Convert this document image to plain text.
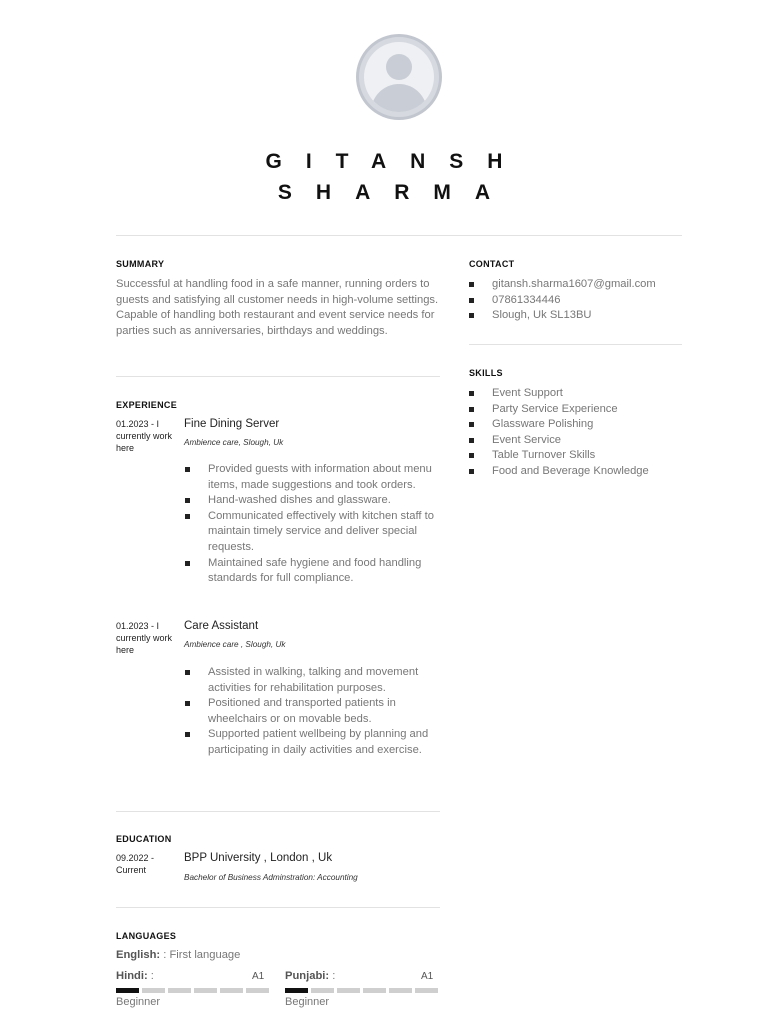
GITANSH
SHARMA
SUMMARY
Successful at handling food in a safe manner, running orders to guests and satisfying all customer needs in high-volume settings. Capable of handling both restaurant and event service needs for parties such as anniversaries, birthdays and weddings.
CONTACT
gitansh.sharma1607@gmail.com
07861334446
Slough, Uk SL13BU
SKILLS
Event Support
Party Service Experience
Glassware Polishing
Event Service
Table Turnover Skills
Food and Beverage Knowledge
EXPERIENCE
01.2023 - I currently work here
Fine Dining Server
Ambience care, Slough, Uk
Provided guests with information about menu items, made suggestions and took orders.
Hand-washed dishes and glassware.
Communicated effectively with kitchen staff to maintain timely service and deliver special requests.
Maintained safe hygiene and food handling standards for full compliance.
01.2023 - I currently work here
Care Assistant
Ambience care , Slough, Uk
Assisted in walking, talking and movement activities for rehabilitation purposes.
Positioned and transported patients in wheelchairs or on movable beds.
Supported patient wellbeing by planning and participating in daily activities and exercise.
EDUCATION
09.2022 - Current
BPP University , London , Uk
Bachelor of Business Adminstration: Accounting
LANGUAGES
English: : First language
Hindi: :	A1
Beginner
Punjabi: :	A1
Beginner
